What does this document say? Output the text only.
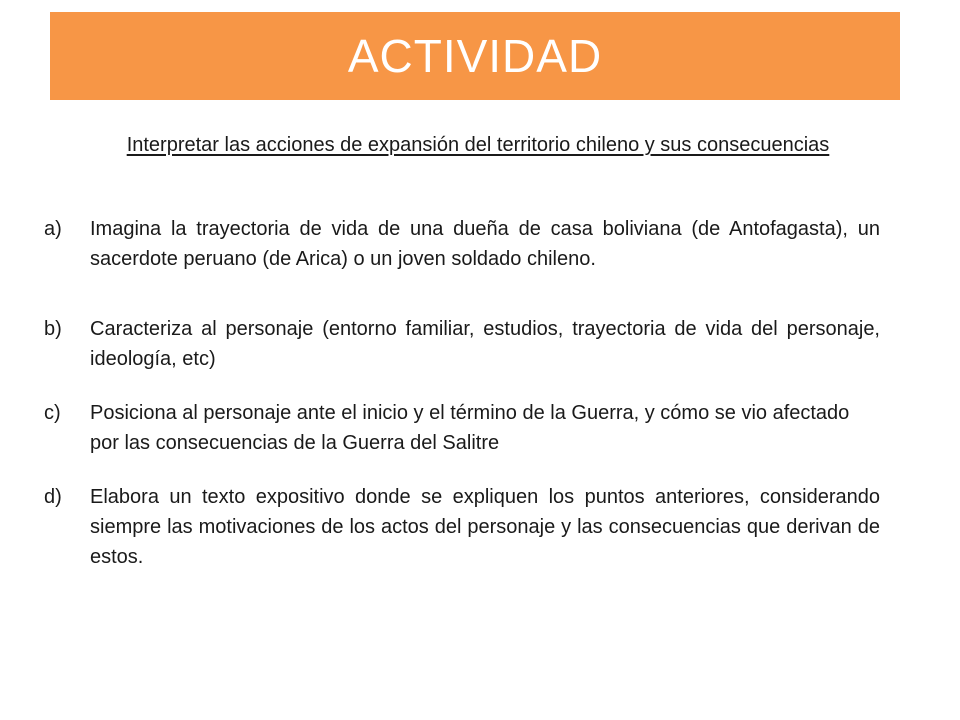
ACTIVIDAD
Interpretar las acciones de expansión del territorio chileno y sus consecuencias
a)	Imagina la trayectoria de vida de una dueña de casa boliviana (de Antofagasta), un sacerdote peruano (de Arica) o un joven soldado chileno.
b)	Caracteriza al personaje (entorno familiar, estudios, trayectoria de vida del personaje, ideología, etc)
c)	Posiciona al personaje ante el inicio y el término de la Guerra, y cómo se vio afectado por las consecuencias de la Guerra del Salitre
d)	Elabora un texto expositivo donde se expliquen los puntos anteriores, considerando siempre las motivaciones de los actos del personaje y las consecuencias que derivan de estos.
